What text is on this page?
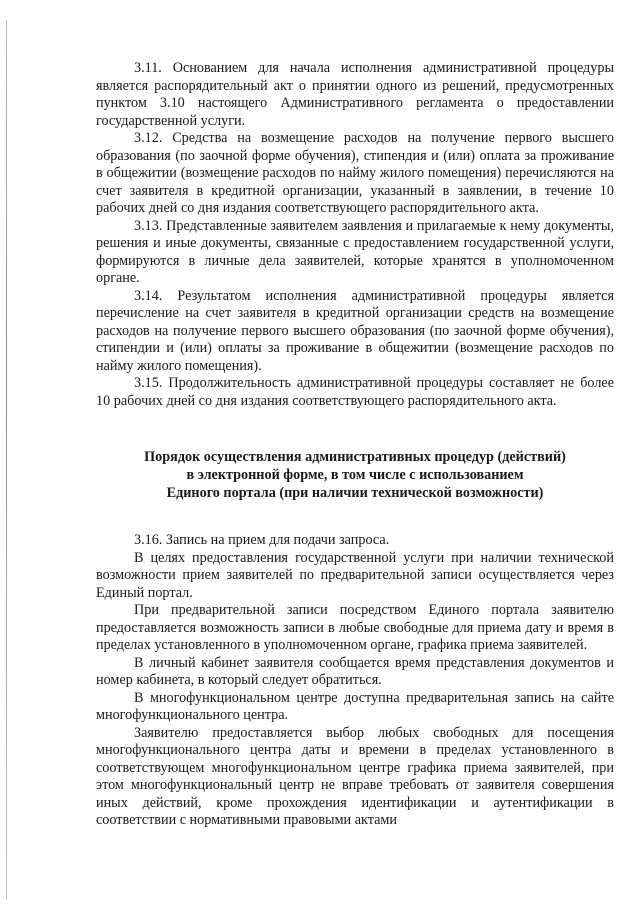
3.11. Основанием для начала исполнения административной процедуры является распорядительный акт о принятии одного из решений, предусмотренных пунктом 3.10 настоящего Административного регламента о предоставлении государственной услуги.

3.12. Средства на возмещение расходов на получение первого высшего образования (по заочной форме обучения), стипендия и (или) оплата за проживание в общежитии (возмещение расходов по найму жилого помещения) перечисляются на счет заявителя в кредитной организации, указанный в заявлении, в течение 10 рабочих дней со дня издания соответствующего распорядительного акта.

3.13. Представленные заявителем заявления и прилагаемые к нему документы, решения и иные документы, связанные с предоставлением государственной услуги, формируются в личные дела заявителей, которые хранятся в уполномоченном органе.

3.14. Результатом исполнения административной процедуры является перечисление на счет заявителя в кредитной организации средств на возмещение расходов на получение первого высшего образования (по заочной форме обучения), стипендии и (или) оплаты за проживание в общежитии (возмещение расходов по найму жилого помещения).

3.15. Продолжительность административной процедуры составляет не более 10 рабочих дней со дня издания соответствующего распорядительного акта.

Порядок осуществления административных процедур (действий)
в электронной форме, в том числе с использованием
Единого портала (при наличии технической возможности)

3.16. Запись на прием для подачи запроса.

В целях предоставления государственной услуги при наличии технической возможности прием заявителей по предварительной записи осуществляется через Единый портал.

При предварительной записи посредством Единого портала заявителю предоставляется возможность записи в любые свободные для приема дату и время в пределах установленного в уполномоченном органе, графика приема заявителей.

В личный кабинет заявителя сообщается время представления документов и номер кабинета, в который следует обратиться.

В многофункциональном центре доступна предварительная запись на сайте многофункционального центра.

Заявителю предоставляется выбор любых свободных для посещения многофункционального центра даты и времени в пределах установленного в соответствующем многофункциональном центре графика приема заявителей, при этом многофункциональный центр не вправе требовать от заявителя совершения иных действий, кроме прохождения идентификации и аутентификации в соответствии с нормативными правовыми актами
